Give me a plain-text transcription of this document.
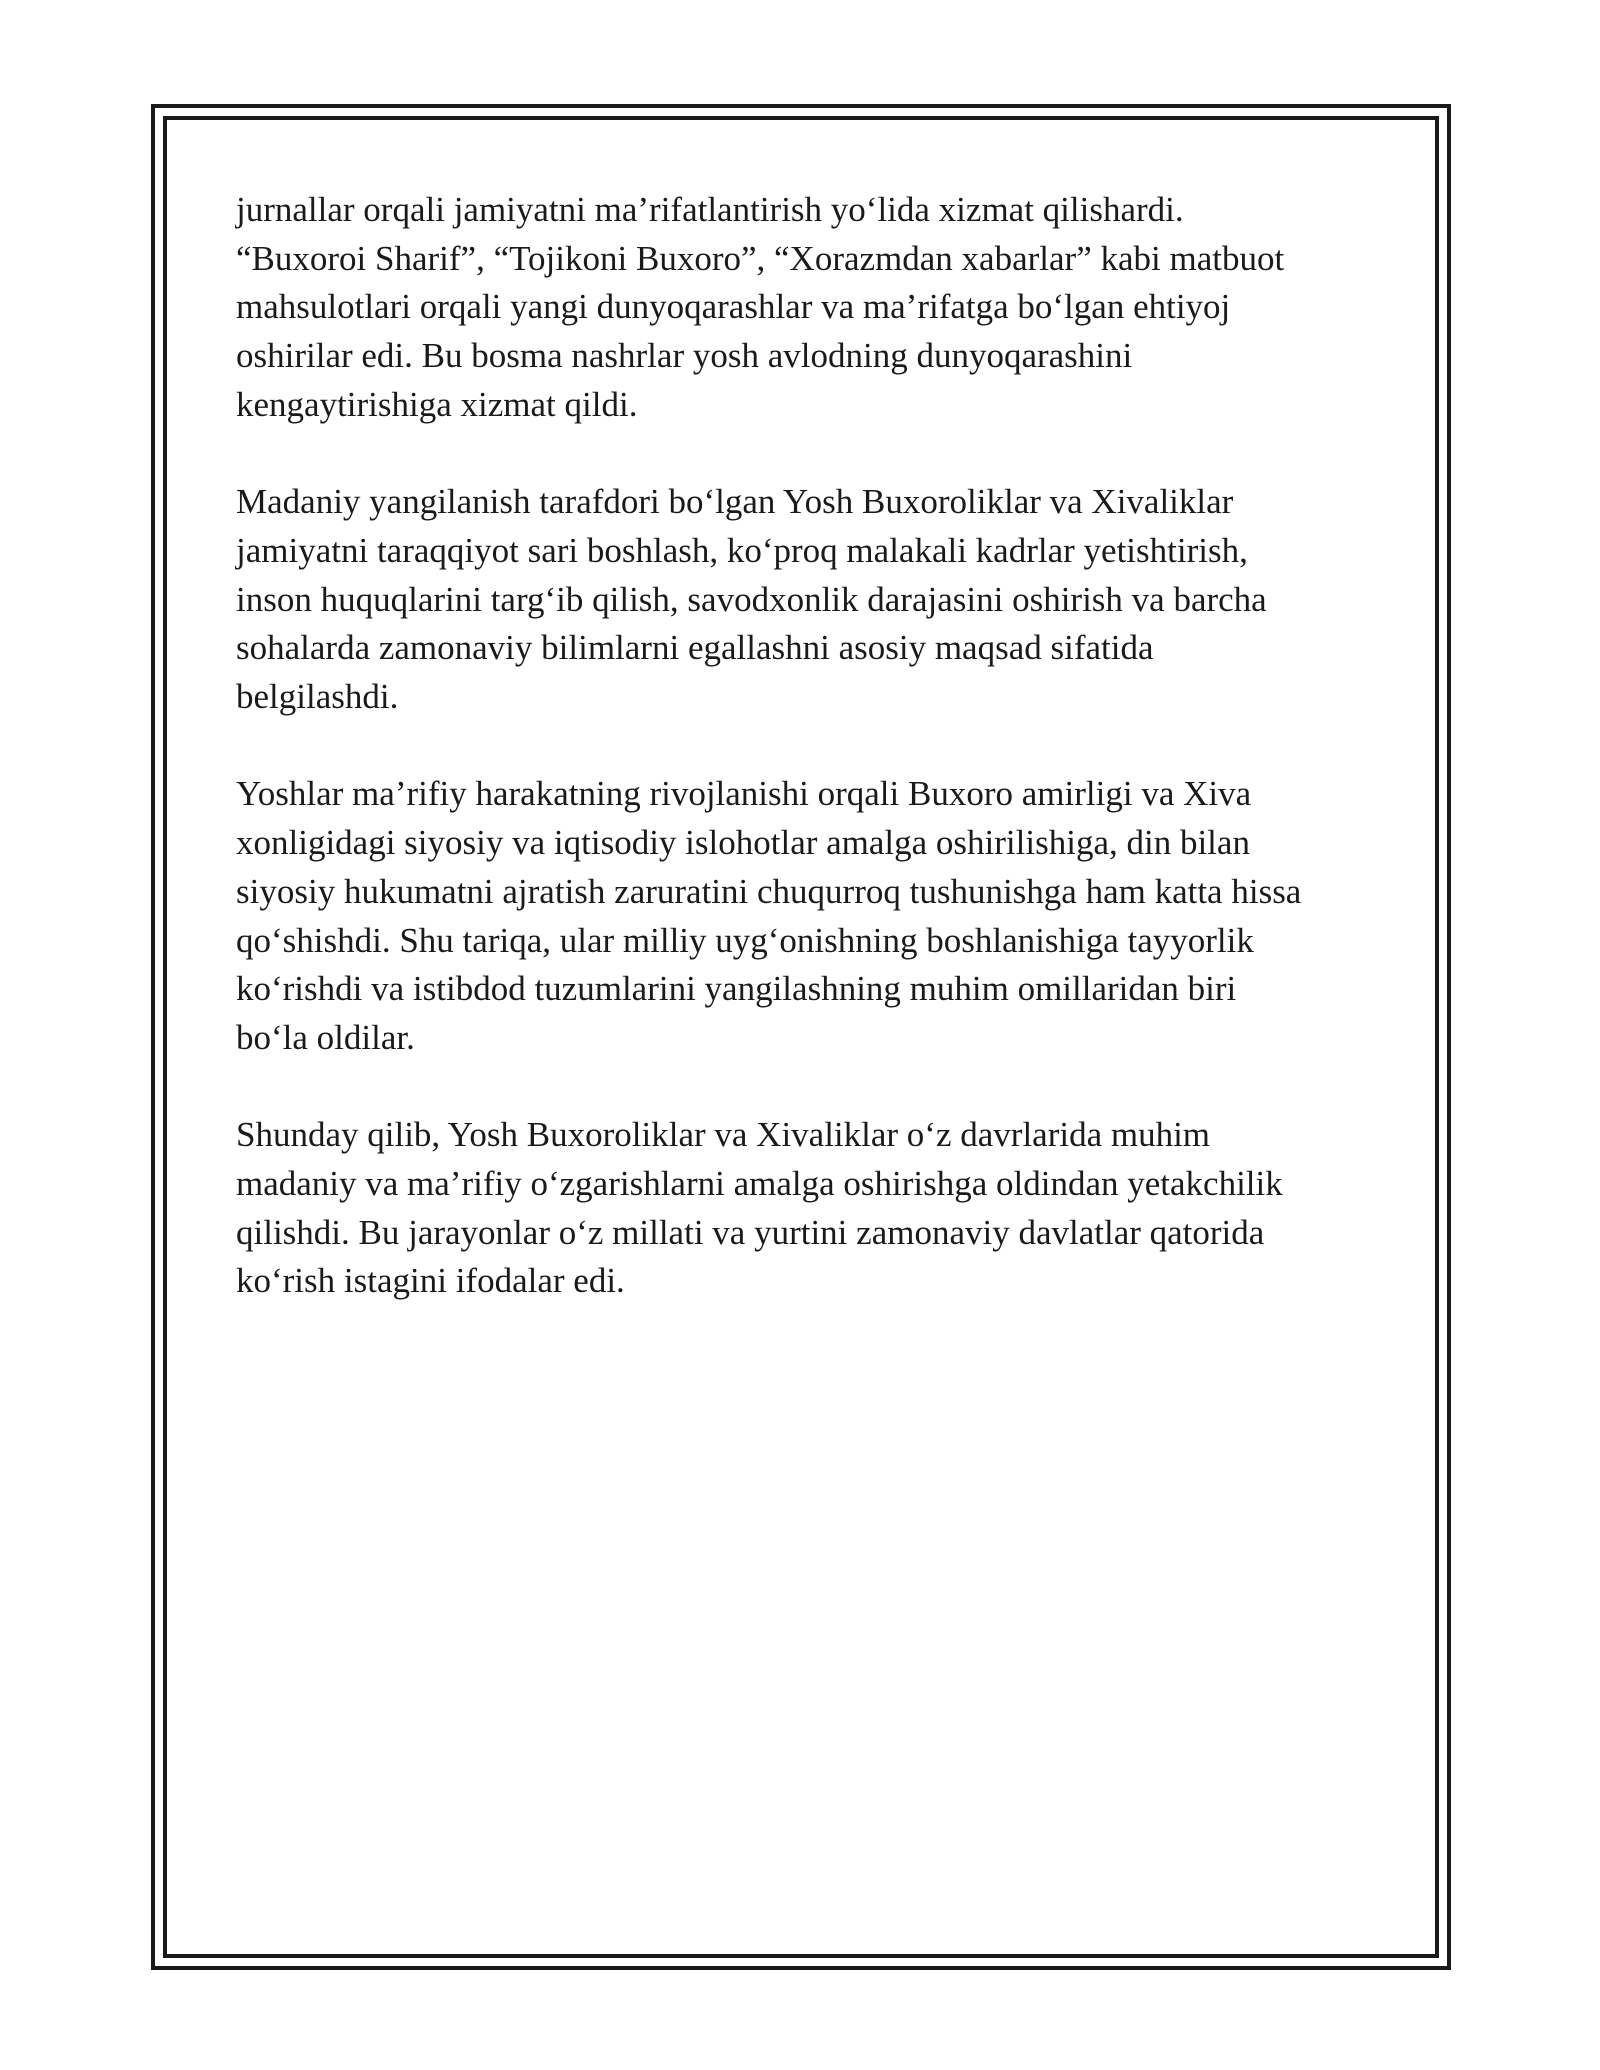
jurnallar orqali jamiyatni ma’rifatlantirish yo‘lida xizmat qilishardi.
“Buxoroi Sharif”, “Tojikoni Buxoro”, “Xorazmdan xabarlar” kabi matbuot
mahsulotlari orqali yangi dunyoqarashlar va ma’rifatga bo‘lgan ehtiyoj
oshirilar edi. Bu bosma nashrlar yosh avlodning dunyoqarashini
kengaytirishiga xizmat qildi.

Madaniy yangilanish tarafdori bo‘lgan Yosh Buxoroliklar va Xivaliklar
jamiyatni taraqqiyot sari boshlash, ko‘proq malakali kadrlar yetishtirish,
inson huquqlarini targ‘ib qilish, savodxonlik darajasini oshirish va barcha
sohalarda zamonaviy bilimlarni egallashni asosiy maqsad sifatida
belgilashdi.

Yoshlar ma’rifiy harakatning rivojlanishi orqali Buxoro amirligi va Xiva
xonligidagi siyosiy va iqtisodiy islohotlar amalga oshirilishiga, din bilan
siyosiy hukumatni ajratish zaruratini chuqurroq tushunishga ham katta hissa
qo‘shishdi. Shu tariqa, ular milliy uyg‘onishning boshlanishiga tayyorlik
ko‘rishdi va istibdod tuzumlarini yangilashning muhim omillaridan biri
bo‘la oldilar.

Shunday qilib, Yosh Buxoroliklar va Xivaliklar o‘z davrlarida muhim
madaniy va ma’rifiy o‘zgarishlarni amalga oshirishga oldindan yetakchilik
qilishdi. Bu jarayonlar o‘z millati va yurtini zamonaviy davlatlar qatorida
ko‘rish istagini ifodalar edi.
